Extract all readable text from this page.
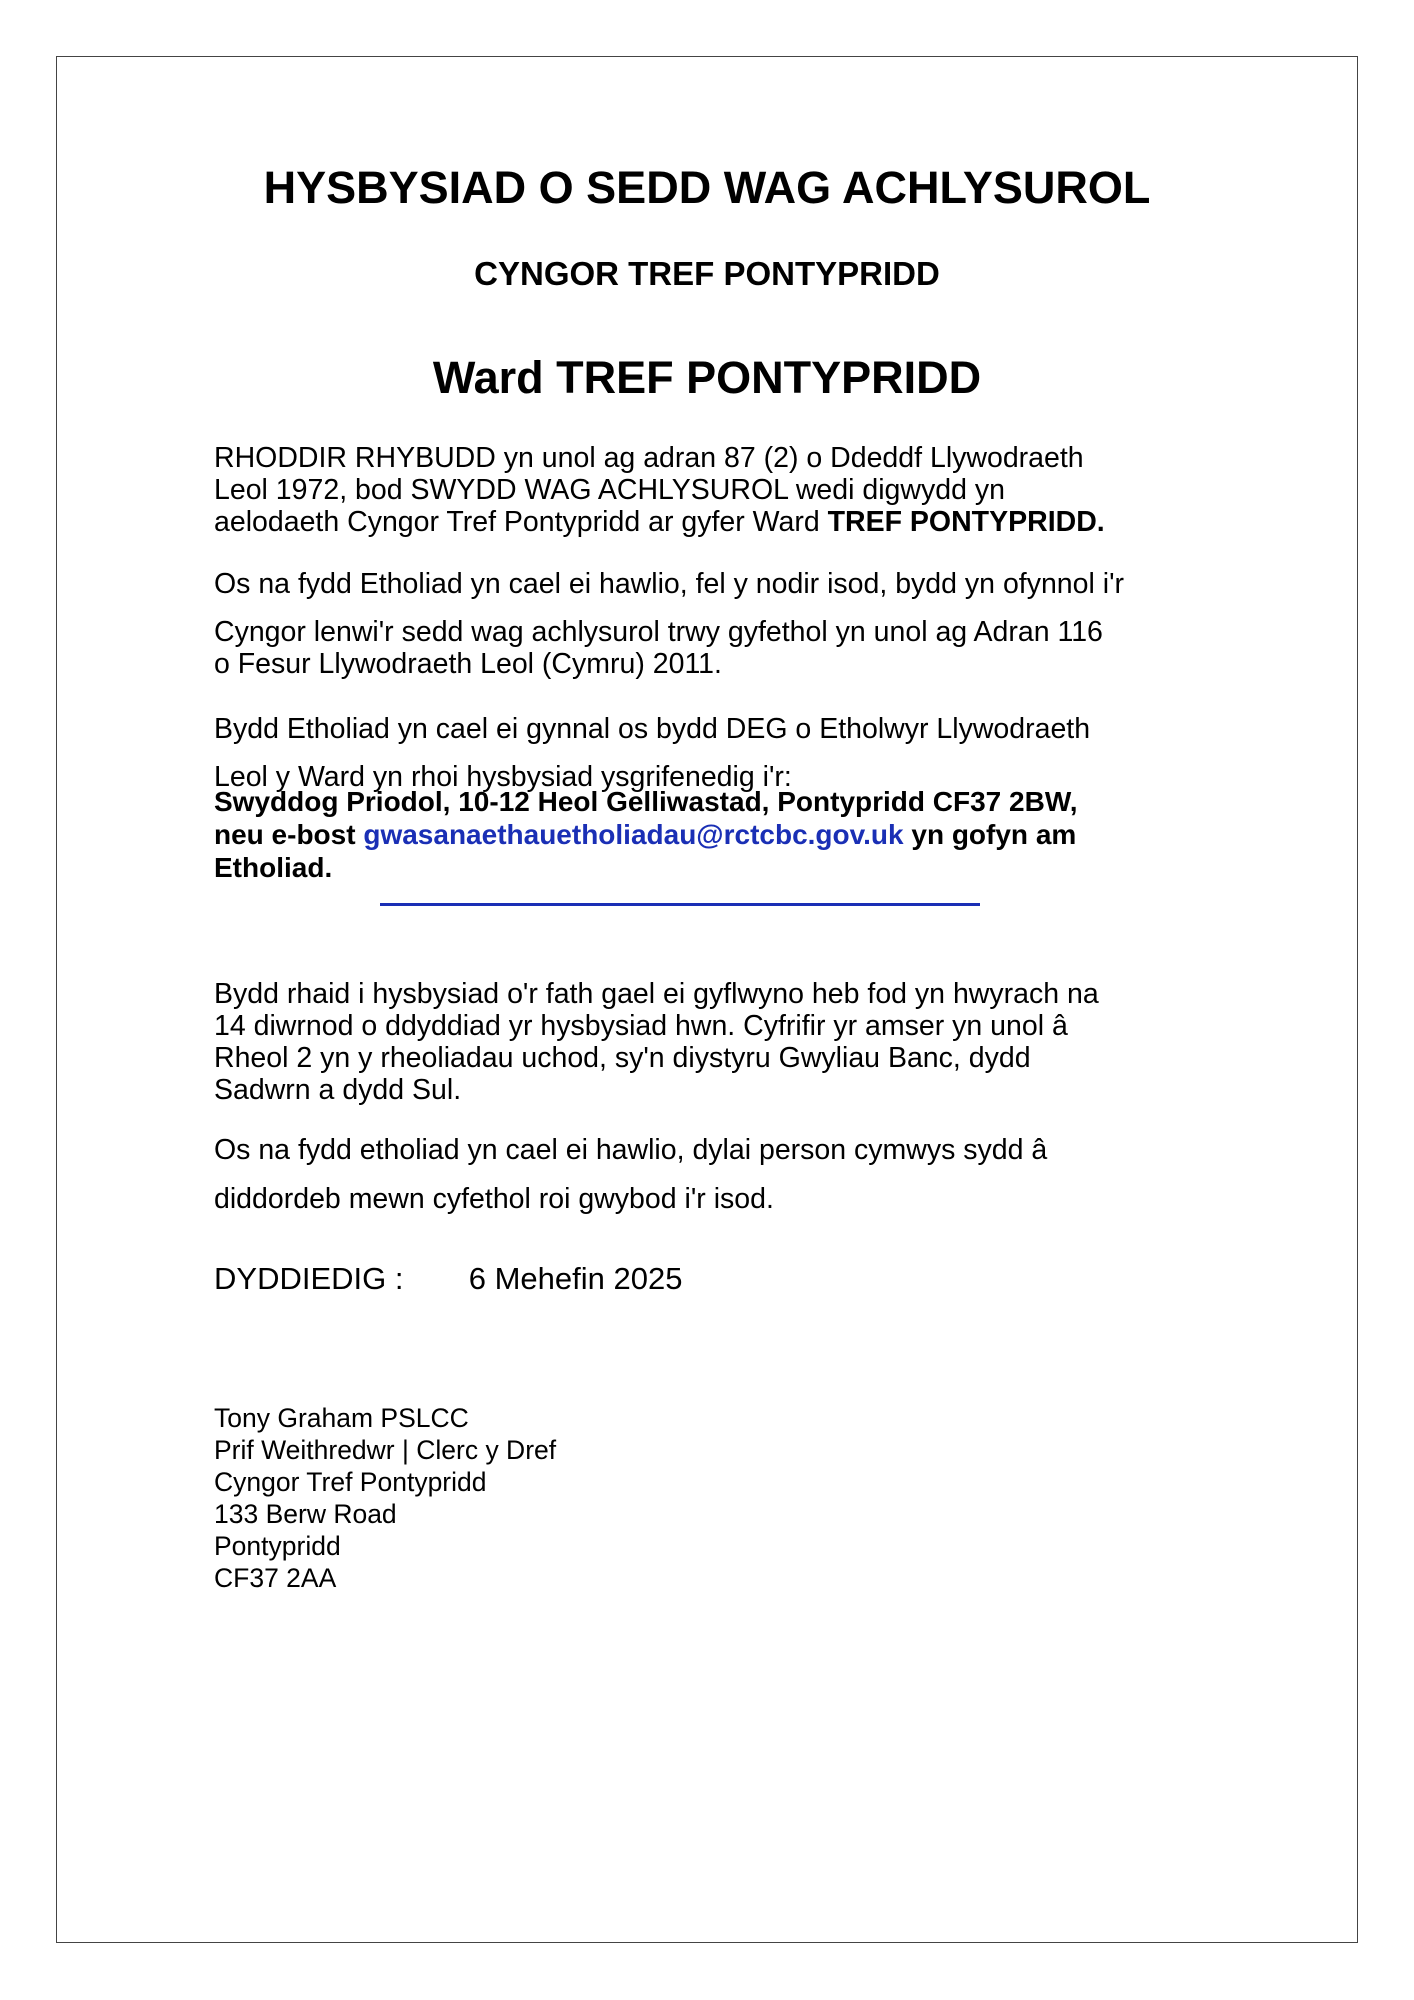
HYSBYSIAD O SEDD WAG ACHLYSUROL
CYNGOR TREF PONTYPRIDD
Ward TREF PONTYPRIDD
RHODDIR RHYBUDD yn unol ag adran 87 (2) o Ddeddf Llywodraeth
Leol 1972, bod SWYDD WAG ACHLYSUROL wedi digwydd yn
aelodaeth Cyngor Tref Pontypridd ar gyfer Ward TREF PONTYPRIDD.
Os na fydd Etholiad yn cael ei hawlio, fel y nodir isod, bydd yn ofynnol i'r
Cyngor lenwi'r sedd wag achlysurol trwy gyfethol yn unol ag Adran 116
o Fesur Llywodraeth Leol (Cymru) 2011.
Bydd Etholiad yn cael ei gynnal os bydd DEG o Etholwyr Llywodraeth
Leol y Ward yn rhoi hysbysiad ysgrifenedig i'r:
Swyddog Priodol, 10-12 Heol Gelliwastad, Pontypridd CF37 2BW,
neu e-bost gwasanaethauetholiadau@rctcbc.gov.uk yn gofyn am
Etholiad.
Bydd rhaid i hysbysiad o'r fath gael ei gyflwyno heb fod yn hwyrach na
14 diwrnod o ddyddiad yr hysbysiad hwn. Cyfrifir yr amser yn unol â
Rheol 2 yn y rheoliadau uchod, sy'n diystyru Gwyliau Banc, dydd
Sadwrn a dydd Sul.
Os na fydd etholiad yn cael ei hawlio, dylai person cymwys sydd â
diddordeb mewn cyfethol roi gwybod i'r isod.
DYDDIEDIG : 6 Mehefin 2025
Tony Graham PSLCC
Prif Weithredwr | Clerc y Dref
Cyngor Tref Pontypridd
133 Berw Road
Pontypridd
CF37 2AA
